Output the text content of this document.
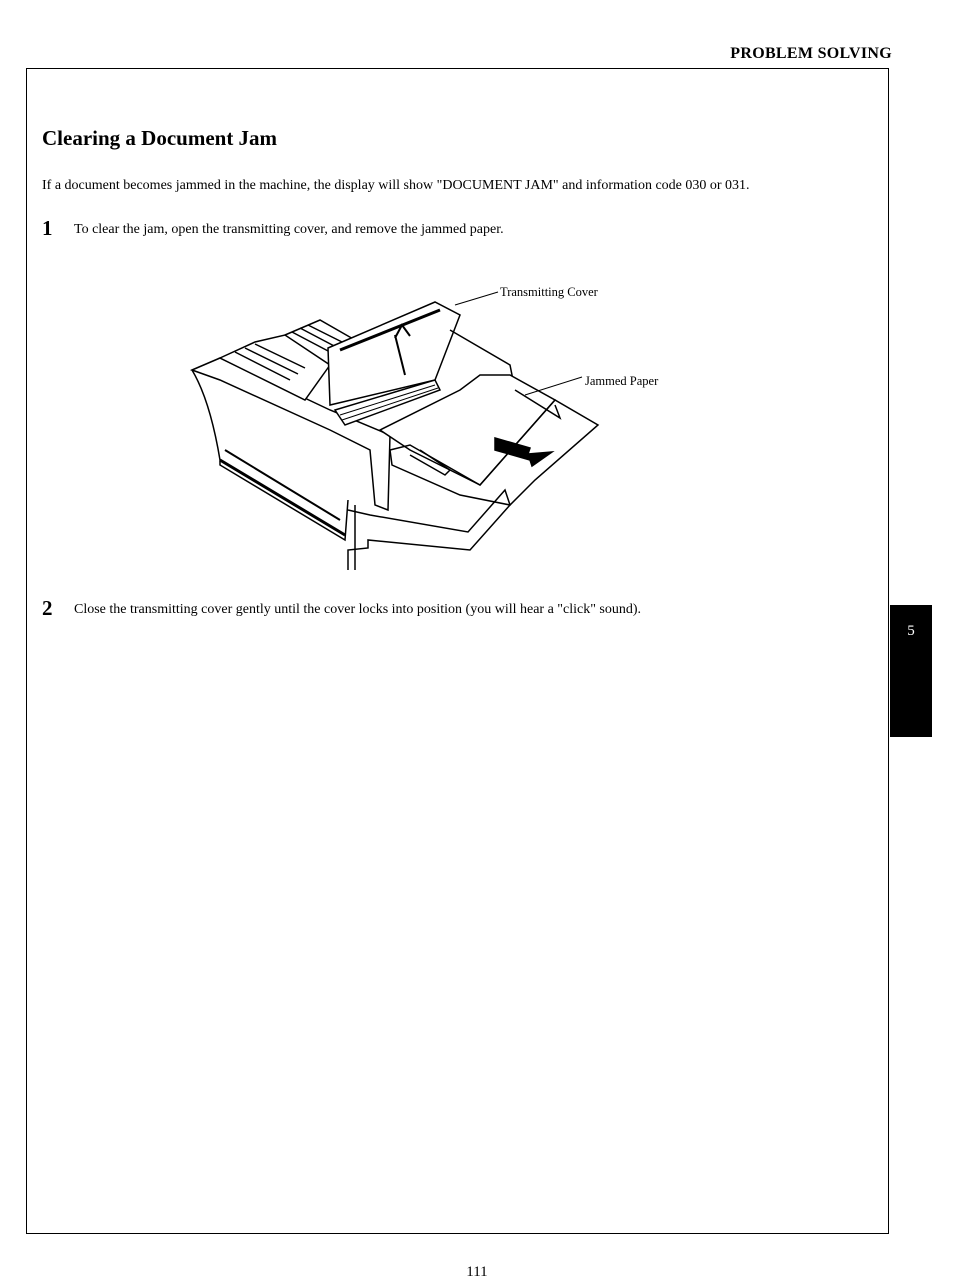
PROBLEM SOLVING
Clearing a Document Jam
If a document becomes jammed in the machine, the display will show "DOCUMENT JAM" and information code 030 or 031.
1 To clear the jam, open the transmitting cover, and remove the jammed paper.
Transmitting Cover
Jammed Paper
2 Close the transmitting cover gently until the cover locks into position (you will hear a "click" sound).
5
111
